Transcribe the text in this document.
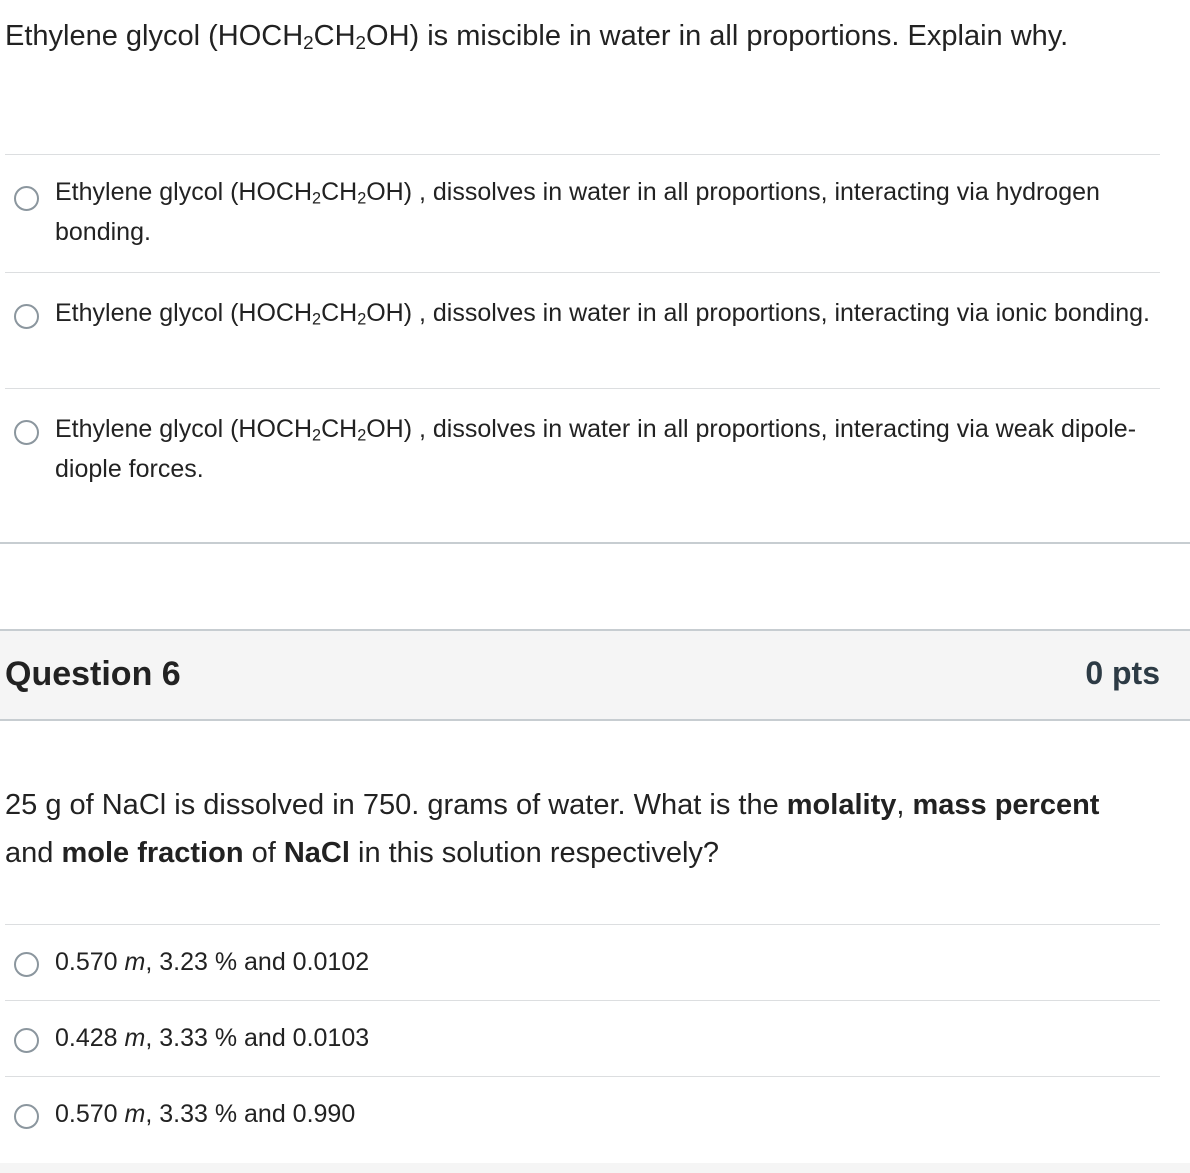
Ethylene glycol $(HOCH_2CH_2OH)$ is miscible in water in all proportions. Explain why.
Ethylene glycol $(HOCH_2CH_2OH)$ , dissolves in water in all proportions, interacting via hydrogen bonding.
Ethylene glycol $(HOCH_2CH_2OH)$ , dissolves in water in all proportions, interacting via ionic bonding.
Ethylene glycol $(HOCH_2CH_2OH)$ , dissolves in water in all proportions, interacting via weak dipole-diople forces.
Question 6	0 pts
25 g of NaCl is dissolved in 750. grams of water. What is the molality, mass percent and mole fraction of NaCl in this solution respectively?
0.570 m, 3.23 % and 0.0102
0.428 m, 3.33 % and 0.0103
0.570 m, 3.33 % and 0.990
